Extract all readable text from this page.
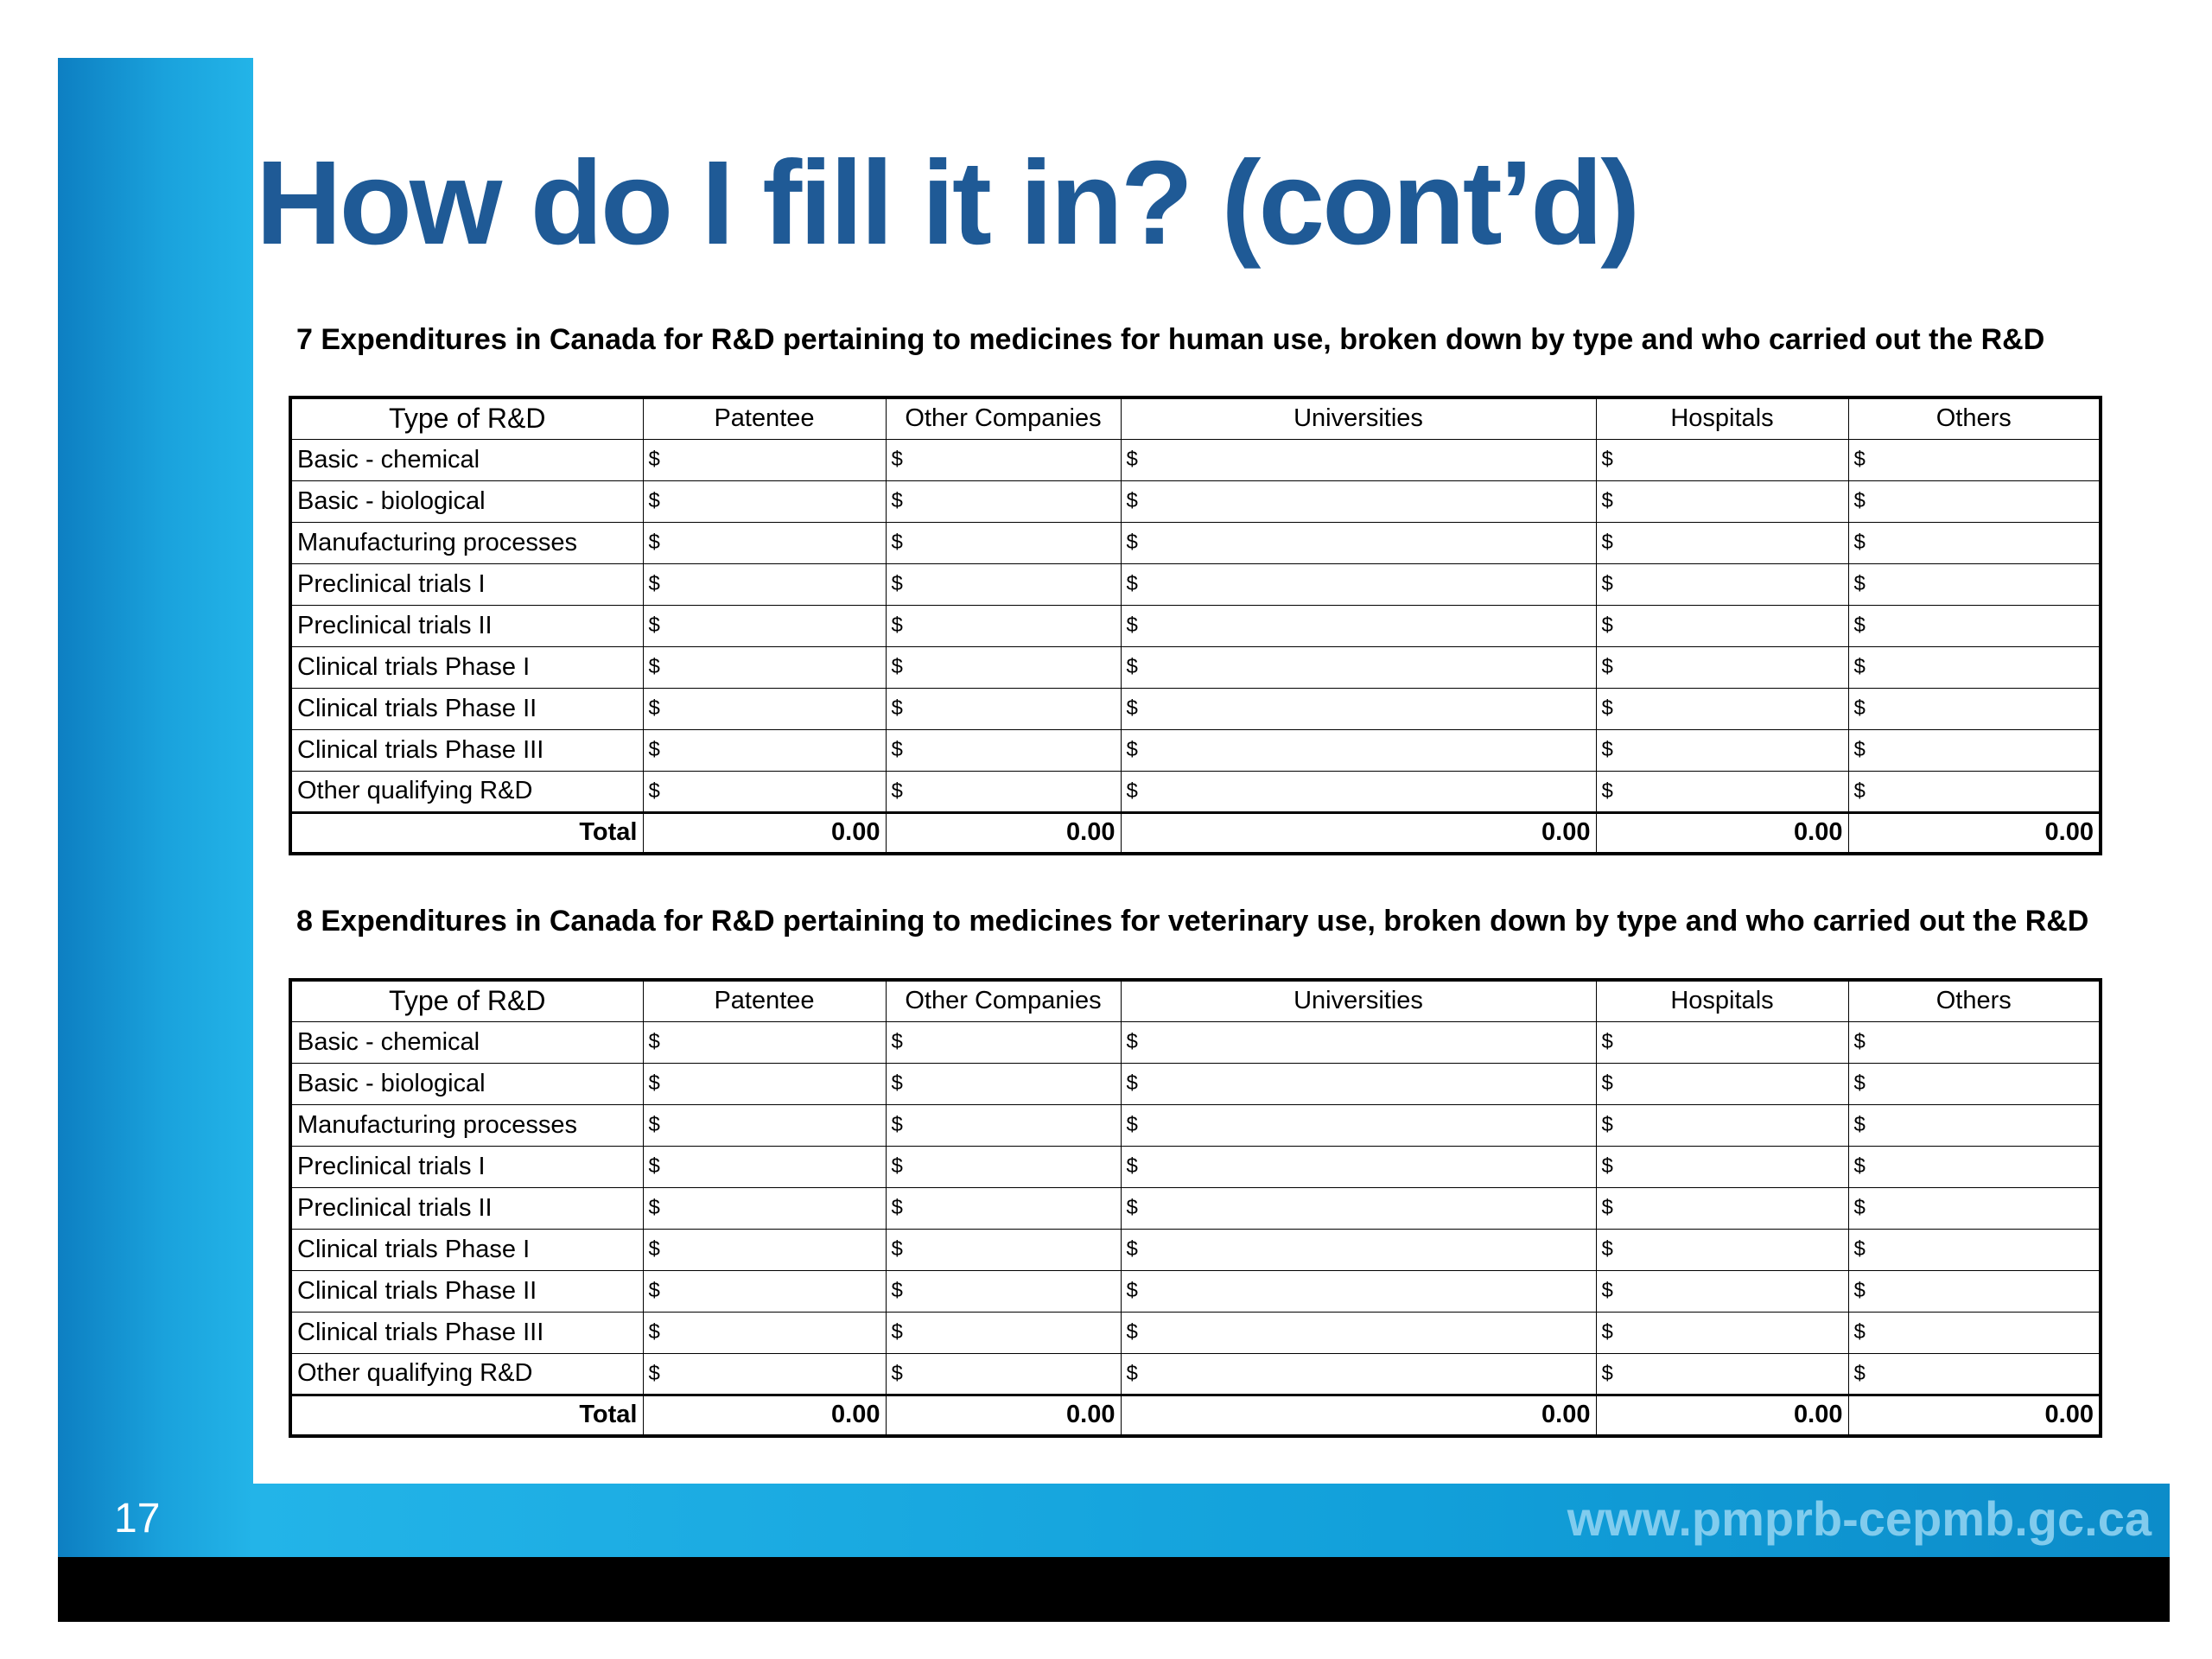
17	www.pmprb-cepmb.gc.ca
How do I fill it in? (cont’d)
7 Expenditures in Canada for R&D pertaining to medicines for human use, broken down by type and who carried out the R&D
Type of R&D	Patentee	Other Companies	Universities	Hospitals	Others
Basic - chemical	$	$	$	$	$
Basic - biological	$	$	$	$	$
Manufacturing processes	$	$	$	$	$
Preclinical trials I	$	$	$	$	$
Preclinical trials II	$	$	$	$	$
Clinical trials Phase I	$	$	$	$	$
Clinical trials Phase II	$	$	$	$	$
Clinical trials Phase III	$	$	$	$	$
Other qualifying R&D	$	$	$	$	$
Total	0.00	0.00	0.00	0.00	0.00
8 Expenditures in Canada for R&D pertaining to medicines for veterinary use, broken down by type and who carried out the R&D
Type of R&D	Patentee	Other Companies	Universities	Hospitals	Others
Basic - chemical	$	$	$	$	$
Basic - biological	$	$	$	$	$
Manufacturing processes	$	$	$	$	$
Preclinical trials I	$	$	$	$	$
Preclinical trials II	$	$	$	$	$
Clinical trials Phase I	$	$	$	$	$
Clinical trials Phase II	$	$	$	$	$
Clinical trials Phase III	$	$	$	$	$
Other qualifying R&D	$	$	$	$	$
Total	0.00	0.00	0.00	0.00	0.00
